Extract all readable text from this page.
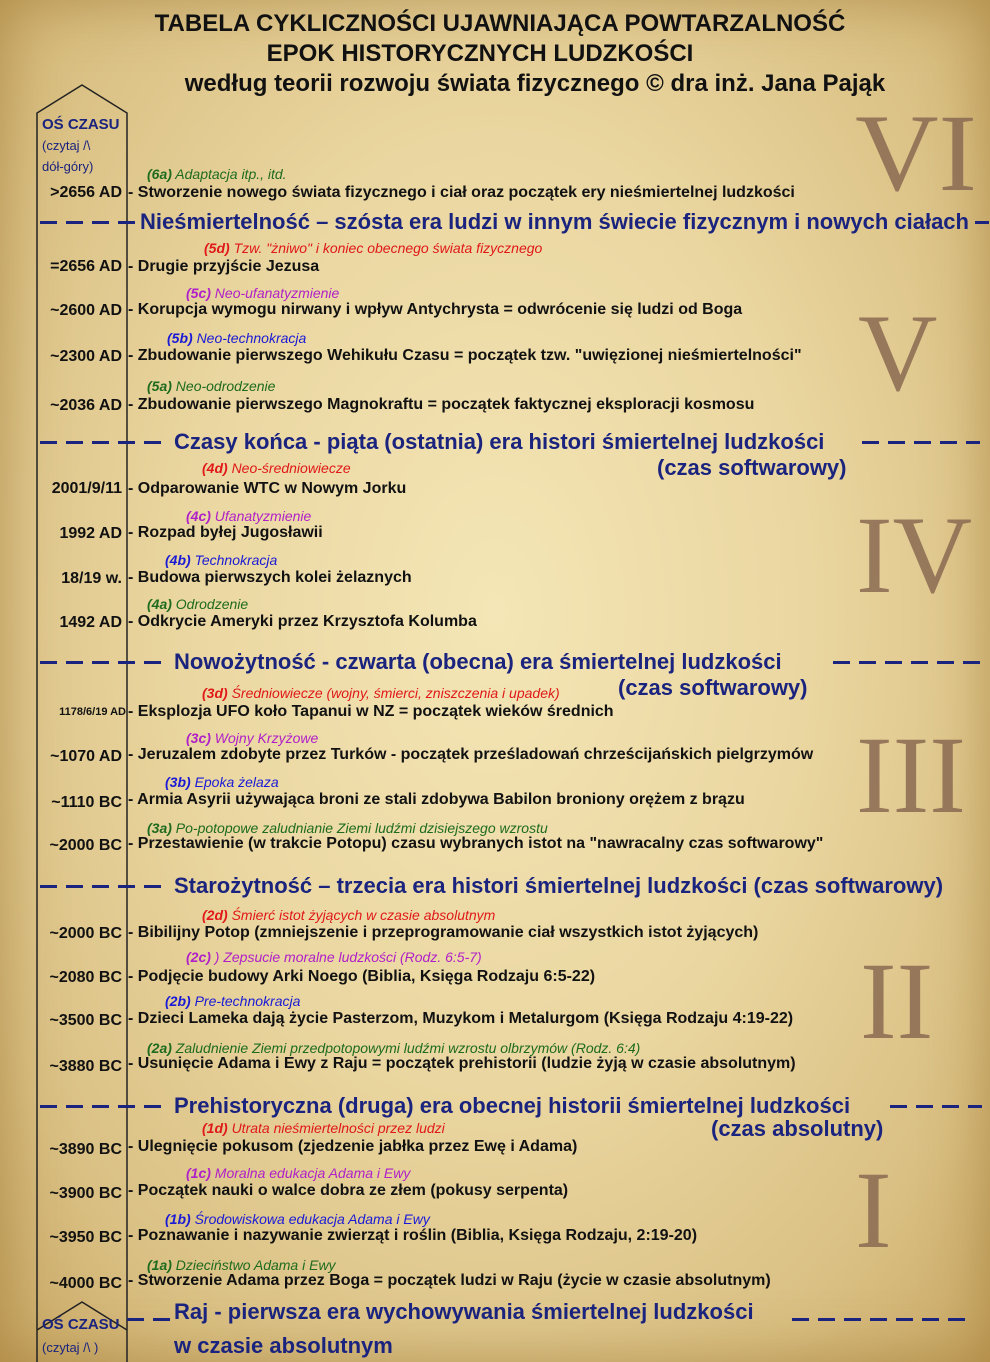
TABELA CYKLICZNOŚCI UJAWNIAJĄCA POWTARZALNOŚĆ
EPOK HISTORYCZNYCH LUDZKOŚCI
według teorii rozwoju świata fizycznego © dra inż. Jana Pająk
OŚ CZASU
(czytaj /\
dół-góry)
OŚ CZASU
(czytaj /\ )
VI
V
IV
III
II
I
(6a) Adaptacja itp., itd.
>2656 AD - Stworzenie nowego świata fizycznego i ciał oraz początek ery nieśmiertelnej ludzkości
Nieśmiertelność – szósta era ludzi w innym świecie fizycznym i nowych ciałach
(5d) Tzw. "żniwo" i koniec obecnego świata fizycznego
=2656 AD - Drugie przyjście Jezusa
(5c) Neo-ufanatyzmienie
~2600 AD - Korupcja wymogu nirwany i wpływ Antychrysta = odwrócenie się ludzi od Boga
(5b) Neo-technokracja
~2300 AD - Zbudowanie pierwszego Wehikułu Czasu = początek tzw. "uwięzionej nieśmiertelności"
(5a) Neo-odrodzenie
~2036 AD - Zbudowanie pierwszego Magnokraftu = początek faktycznej eksploracji kosmosu
Czasy końca - piąta (ostatnia) era histori śmiertelnej ludzkości
(czas softwarowy)
(4d) Neo-średniowiecze
2001/9/11 - Odparowanie WTC w Nowym Jorku
(4c) Ufanatyzmienie
1992 AD - Rozpad byłej Jugosławii
(4b) Technokracja
18/19 w. - Budowa pierwszych kolei żelaznych
(4a) Odrodzenie
1492 AD - Odkrycie Ameryki przez Krzysztofa Kolumba
Nowożytność - czwarta (obecna) era śmiertelnej ludzkości
(czas softwarowy)
(3d) Średniowiecze (wojny, śmierci, zniszczenia i upadek)
1178/6/19 AD - Eksplozja UFO koło Tapanui w NZ = początek wieków średnich
(3c) Wojny Krzyżowe
~1070 AD - Jeruzalem zdobyte przez Turków - początek prześladowań chrześcijańskich pielgrzymów
(3b) Epoka żelaza
~1110 BC - Armia Asyrii używająca broni ze stali zdobywa Babilon broniony orężem z brązu
(3a) Po-potopowe zaludnianie Ziemi ludźmi dzisiejszego wzrostu
~2000 BC - Przestawienie (w trakcie Potopu) czasu wybranych istot na "nawracalny czas softwarowy"
Starożytność – trzecia era histori śmiertelnej ludzkości (czas softwarowy)
(2d) Śmierć istot żyjących w czasie absolutnym
~2000 BC - Bibilijny Potop (zmniejszenie i przeprogramowanie ciał wszystkich istot żyjących)
(2c) ) Zepsucie moralne ludzkości (Rodz. 6:5-7)
~2080 BC - Podjęcie budowy Arki Noego (Biblia, Księga Rodzaju 6:5-22)
(2b) Pre-technokracja
~3500 BC - Dzieci Lameka dają życie Pasterzom, Muzykom i Metalurgom (Księga Rodzaju 4:19-22)
(2a) Zaludnienie Ziemi przedpotopowymi ludźmi wzrostu olbrzymów (Rodz. 6:4)
~3880 BC - Usunięcie Adama i Ewy z Raju = początek prehistorii (ludzie żyją w czasie absolutnym)
Prehistoryczna (druga) era obecnej historii śmiertelnej ludzkości
(czas absolutny)
(1d) Utrata nieśmiertelności przez ludzi
~3890 BC - Ulegnięcie pokusom (zjedzenie jabłka przez Ewę i Adama)
(1c) Moralna edukacja Adama i Ewy
~3900 BC - Początek nauki o walce dobra ze złem (pokusy serpenta)
(1b) Środowiskowa edukacja Adama i Ewy
~3950 BC - Poznawanie i nazywanie zwierząt i roślin (Biblia, Księga Rodzaju, 2:19-20)
(1a) Dzieciństwo Adama i Ewy
~4000 BC - Stworzenie Adama przez Boga = początek ludzi w Raju (życie w czasie absolutnym)
Raj - pierwsza era wychowywania śmiertelnej ludzkości
w czasie absolutnym
